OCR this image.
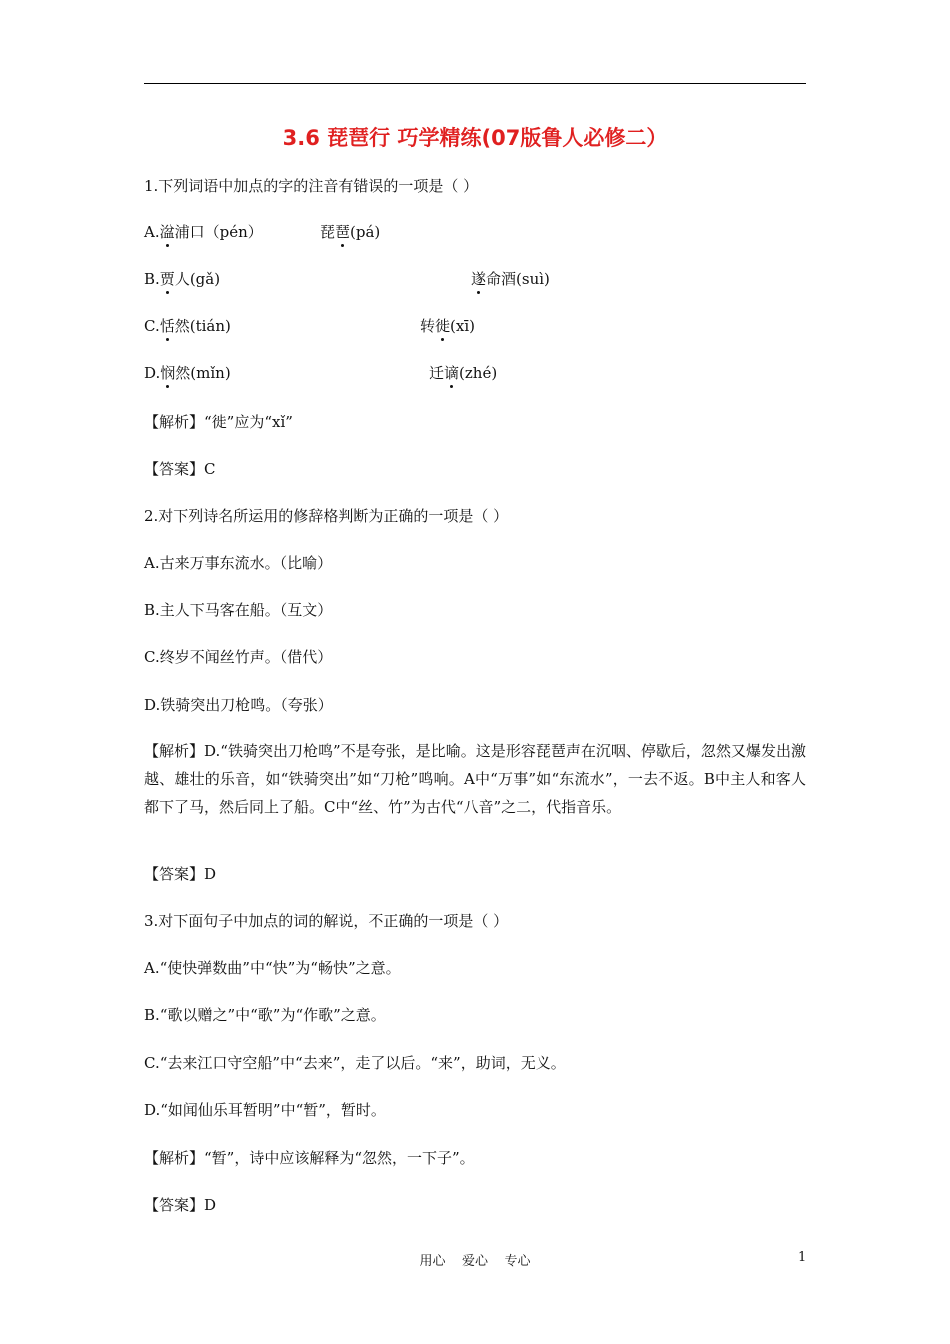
3.6 琵琶行 巧学精练(07版鲁人必修二）
1.下列词语中加点的字的注音有错误的一项是（ ）
A.湓浦口（pén）	琵琶(pá)
B.贾人(gǎ)	遂命酒(suì)
C.恬然(tián)	转徙(xī)
D.悯然(mǐn)	迁谪(zhé)
【解析】“徙”应为“xǐ”
【答案】C
2.对下列诗名所运用的修辞格判断为正确的一项是（ ）
A.古来万事东流水。（比喻）
B.主人下马客在船。（互文）
C.终岁不闻丝竹声。（借代）
D.铁骑突出刀枪鸣。（夸张）
【解析】D.“铁骑突出刀枪鸣”不是夸张，是比喻。这是形容琵琶声在沉咽、停歇后，忽然又爆发出激越、雄壮的乐音，如“铁骑突出”如“刀枪”鸣响。A中“万事”如“东流水”，一去不返。B中主人和客人都下了马，然后同上了船。C中“丝、竹”为古代“八音”之二，代指音乐。
【答案】D
3.对下面句子中加点的词的解说，不正确的一项是（ ）
A.“使快弹数曲”中“快”为“畅快”之意。
B.“歌以赠之”中“歌”为“作歌”之意。
C.“去来江口守空船”中“去来”，走了以后。“来”，助词，无义。
D.“如闻仙乐耳暂明”中“暂”，暂时。
【解析】“暂”，诗中应该解释为“忽然，一下子”。
【答案】D
用心    爱心    专心	1
